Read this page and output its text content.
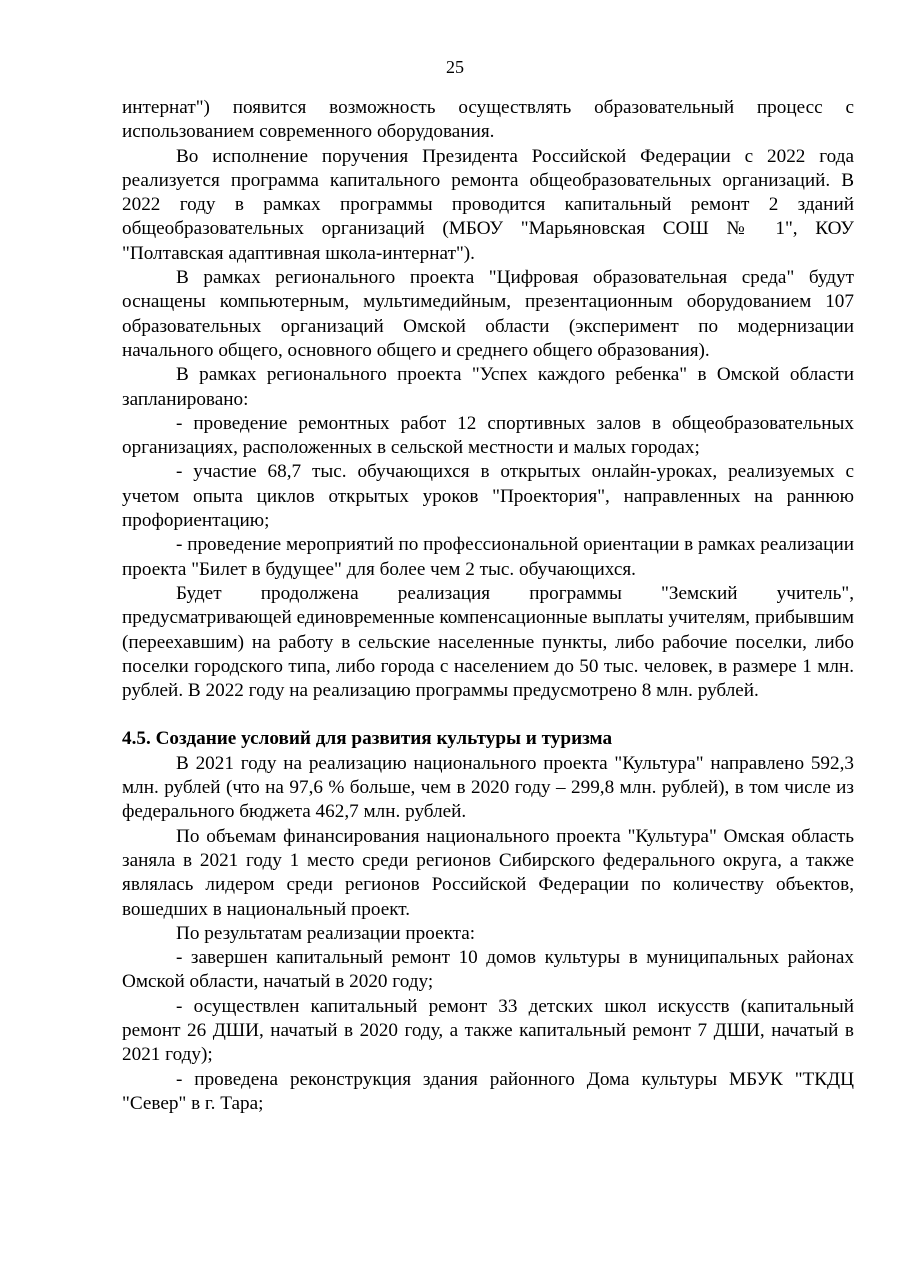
25

интернат") появится возможность осуществлять образовательный процесс с использованием современного оборудования.

Во исполнение поручения Президента Российской Федерации с 2022 года реализуется программа капитального ремонта общеобразовательных организаций. В 2022 году в рамках программы проводится капитальный ремонт 2 зданий общеобразовательных организаций (МБОУ "Марьяновская СОШ № 1", КОУ "Полтавская адаптивная школа-интернат").

В рамках регионального проекта "Цифровая образовательная среда" будут оснащены компьютерным, мультимедийным, презентационным оборудованием 107 образовательных организаций Омской области (эксперимент по модернизации начального общего, основного общего и среднего общего образования).

В рамках регионального проекта "Успех каждого ребенка" в Омской области запланировано:

- проведение ремонтных работ 12 спортивных залов в общеобразовательных организациях, расположенных в сельской местности и малых городах;

- участие 68,7 тыс. обучающихся в открытых онлайн-уроках, реализуемых с учетом опыта циклов открытых уроков "Проектория", направленных на раннюю профориентацию;

- проведение мероприятий по профессиональной ориентации в рамках реализации проекта "Билет в будущее" для более чем 2 тыс. обучающихся.

Будет продолжена реализация программы "Земский учитель", предусматривающей единовременные компенсационные выплаты учителям, прибывшим (переехавшим) на работу в сельские населенные пункты, либо рабочие поселки, либо поселки городского типа, либо города с населением до 50 тыс. человек, в размере 1 млн. рублей. В 2022 году на реализацию программы предусмотрено 8 млн. рублей.

4.5. Создание условий для развития культуры и туризма

В 2021 году на реализацию национального проекта "Культура" направлено 592,3 млн. рублей (что на 97,6 % больше, чем в 2020 году – 299,8 млн. рублей), в том числе из федерального бюджета 462,7 млн. рублей.

По объемам финансирования национального проекта "Культура" Омская область заняла в 2021 году 1 место среди регионов Сибирского федерального округа, а также являлась лидером среди регионов Российской Федерации по количеству объектов, вошедших в национальный проект.

По результатам реализации проекта:

- завершен капитальный ремонт 10 домов культуры в муниципальных районах Омской области, начатый в 2020 году;

- осуществлен капитальный ремонт 33 детских школ искусств (капитальный ремонт 26 ДШИ, начатый в 2020 году, а также капитальный ремонт 7 ДШИ, начатый в 2021 году);

- проведена реконструкция здания районного Дома культуры МБУК "ТКДЦ "Север" в г. Тара;
